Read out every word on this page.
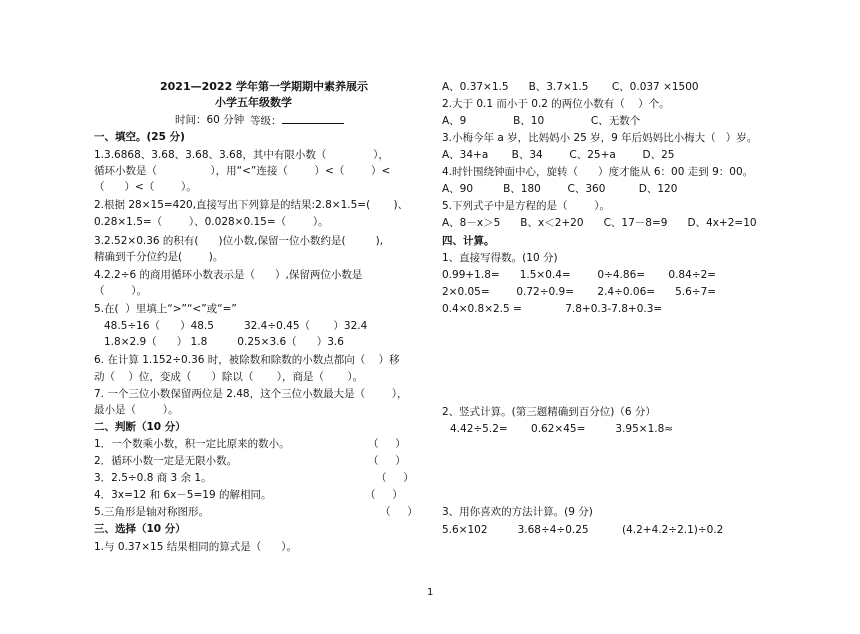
2021—2022 学年第一学期期中素养展示
小学五年级数学
时间：60 分钟 等级：
一、填空。(25 分)
1.3.6868、3.68、3.68、3.68，其中有限小数（              ），
循环小数是（                ），用“<”连接（        ）<（        ）<
（      ）<（        ）。
2.根据 28×15=420,直接写出下列算是的结果:2.8×1.5=(       )、
0.28×1.5=（        ）、0.028×0.15=（        ）。
3.2.52×0.36 的积有(      )位小数,保留一位小数约是(         ),
精确到千分位约是(        )。
4.2.2÷6 的商用循环小数表示是（      ）,保留两位小数是
（        ）。
5.在(  ）里填上“>”“<”或“=”
48.5÷16（      ）48.5         32.4÷0.45（       ）32.4
1.8×2.9（      ） 1.8         0.25×3.6（      ）3.6
6. 在计算 1.152÷0.36 时，被除数和除数的小数点都向（    ）移
动（    ）位，变成（      ）除以（       ），商是（       ）。
7. 一个三位小数保留两位是 2.48，这个三位小数最大是（        ），
最小是（        ）。
二、判断（10 分）
1．一个数乘小数，积一定比原来的数小。	（     ）
2．循环小数一定是无限小数。	（     ）
3．2.5÷0.8 商 3 余 1。	（     ）
4．3x=12 和 6x－5=19 的解相同。	（     ）
5.三角形是轴对称图形。	（     ）
三、选择（10 分）
1.与 0.37×15 结果相同的算式是（      ）。
A、0.37×1.5      B、3.7×1.5       C、0.037 ×1500
2.大于 0.1 而小于 0.2 的两位小数有（    ）个。
A、9              B、10              C、无数个
3.小梅今年 a 岁，比妈妈小 25 岁，9 年后妈妈比小梅大（   ）岁。
A、34+a       B、34        C、25+a        D、25
4.时针围绕钟面中心，旋转（      ）度才能从 6：00 走到 9：00。
A、90         B、180        C、360          D、120
5.下列式子中是方程的是（        ）。
A、8－x＞5      B、x＜2+20      C、17－8=9      D、4x+2=10
四、计算。
1、直接写得数。(10 分)
0.99+1.8=      1.5×0.4=        0÷4.86=       0.84÷2=
2×0.05=        0.72÷0.9=       2.4÷0.06=      5.6÷7=
0.4×0.8×2.5 =             7.8+0.3-7.8+0.3=
2、竖式计算。(第三题精确到百分位)（6 分）
4.42÷5.2=       0.62×45=         3.95×1.8≈
3、用你喜欢的方法计算。(9 分)
5.6×102         3.68÷4÷0.25          (4.2+4.2÷2.1)÷0.2
1
